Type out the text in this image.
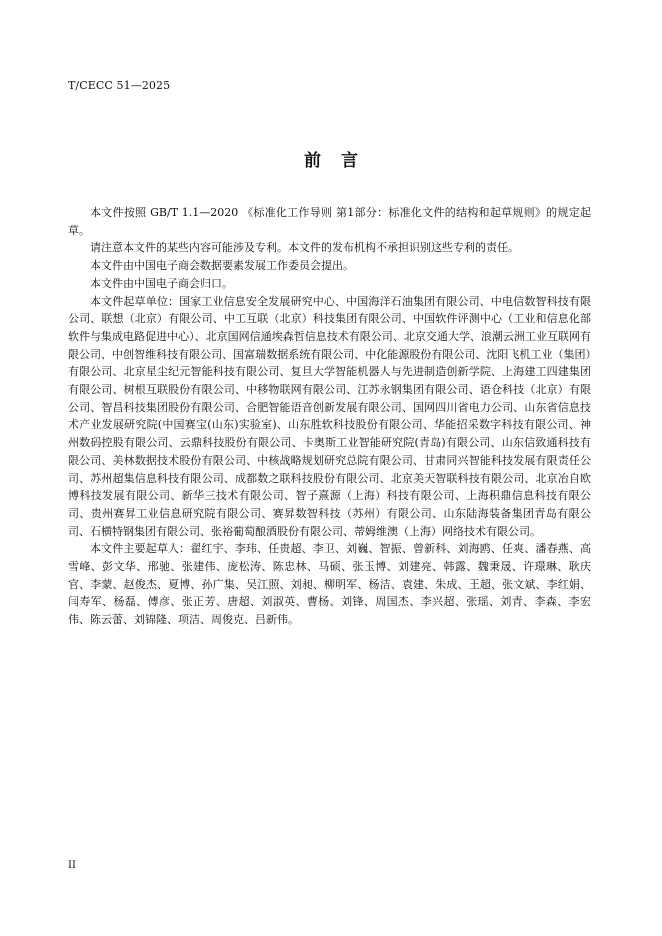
T/CECC 51—2025
前言

本文件按照 GB/T 1.1—2020 《标准化工作导则 第1部分：标准化文件的结构和起草规则》的规定起草。

请注意本文件的某些内容可能涉及专利。本文件的发布机构不承担识别这些专利的责任。

本文件由中国电子商会数据要素发展工作委员会提出。

本文件由中国电子商会归口。

本文件起草单位：国家工业信息安全发展研究中心、中国海洋石油集团有限公司、中电信数智科技有限公司、联想（北京）有限公司、中工互联（北京）科技集团有限公司、中国软件评测中心（工业和信息化部软件与集成电路促进中心）、北京国网信通埃森哲信息技术有限公司、北京交通大学、浪潮云洲工业互联网有限公司、中创智维科技有限公司、国富瑞数据系统有限公司、中化能源股份有限公司、沈阳飞机工业（集团）有限公司、北京星尘纪元智能科技有限公司、复旦大学智能机器人与先进制造创新学院、上海建工四建集团有限公司、树根互联股份有限公司、中移物联网有限公司、江苏永钢集团有限公司、语仓科技（北京）有限公司、智昌科技集团股份有限公司、合肥智能语音创新发展有限公司、国网四川省电力公司、山东省信息技术产业发展研究院(中国赛宝(山东)实验室)、山东胜软科技股份有限公司、华能招采数字科技有限公司、神州数码控股有限公司、云鼎科技股份有限公司、卡奥斯工业智能研究院(青岛)有限公司、山东信致通科技有限公司、美林数据技术股份有限公司、中核战略规划研究总院有限公司、甘肃同兴智能科技发展有限责任公司、苏州超集信息科技有限公司、成都数之联科技股份有限公司、北京美天智联科技有限公司、北京冶自欧博科技发展有限公司、新华三技术有限公司、智子熹源（上海）科技有限公司、上海积鼎信息科技有限公司、贵州赛昇工业信息研究院有限公司、赛昇数智科技（苏州）有限公司、山东陆海装备集团青岛有限公司、石横特钢集团有限公司、张裕葡萄酿酒股份有限公司、蒂姆维澳（上海）网络技术有限公司。

本文件主要起草人：翟红宇、李玮、任贵超、李卫、刘巍、智振、曾新科、刘海鸥、任爽、潘春燕、高雪峰、彭文华、邢驰、张建伟、庞松涛、陈忠林、马硕、张玉博、刘建亮、韩露、魏秉晟、许璟琳、耿庆官、李蒙、赵俊杰、夏博、孙广集、吴江照、刘昶、柳明军、杨洁、袁建、朱成、王超、张文斌、李红娟、闫寿军、杨磊、傅彦、张正芳、唐超、刘淑英、曹杨、刘锋、周国杰、李兴超、张瑶、刘青、李森、李宏伟、陈云蕾、刘锦隆、项洁、周俊克、吕新伟。

II
